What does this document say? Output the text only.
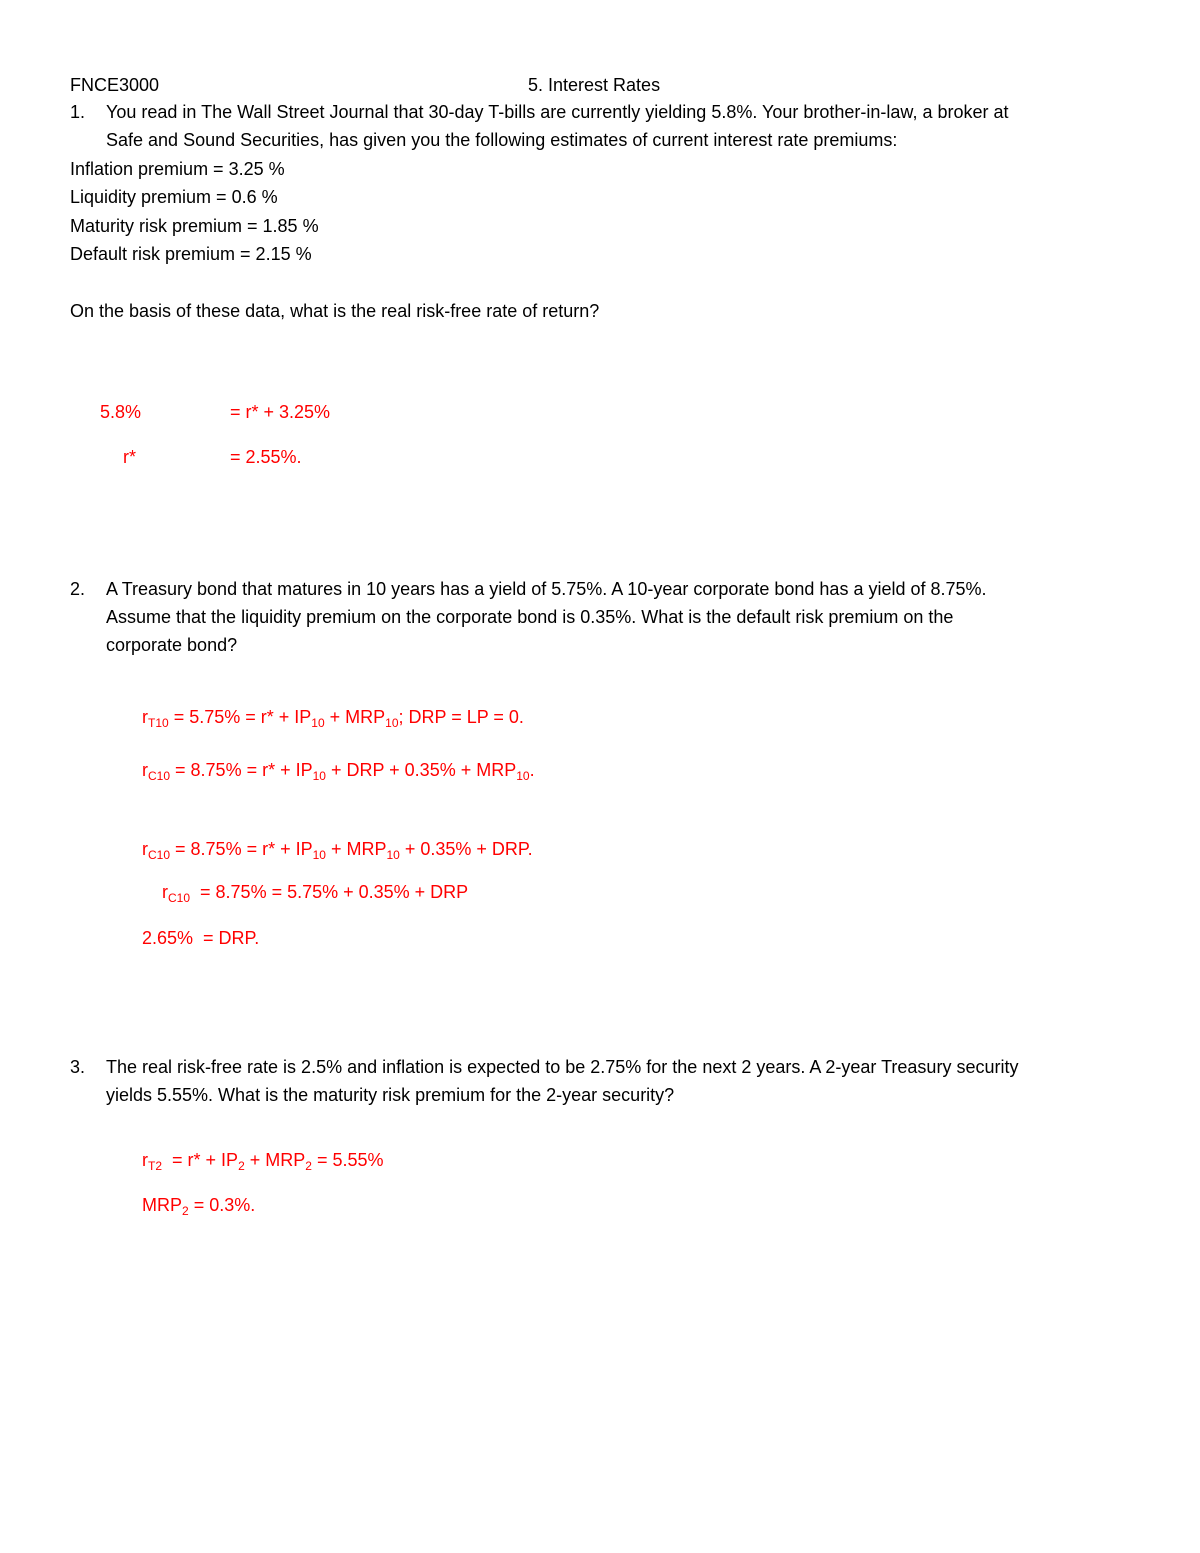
FNCE3000	5. Interest Rates
1. You read in The Wall Street Journal that 30-day T-bills are currently yielding 5.8%. Your brother-in-law, a broker at
Safe and Sound Securities, has given you the following estimates of current interest rate premiums:
Inflation premium = 3.25 %
Liquidity premium = 0.6 %
Maturity risk premium = 1.85 %
Default risk premium = 2.15 %
On the basis of these data, what is the real risk-free rate of return?
5.8%	= r* + 3.25%
r*	= 2.55%.
2. A Treasury bond that matures in 10 years has a yield of 5.75%. A 10-year corporate bond has a yield of 8.75%.
Assume that the liquidity premium on the corporate bond is 0.35%. What is the default risk premium on the
corporate bond?
$r_{T10} = 5.75\% = r* + IP_{10} + MRP_{10}$; DRP = LP = 0.
$r_{C10} = 8.75\% = r* + IP_{10}$ + DRP + $0.35\% + MRP_{10}$.
$r_{C10} = 8.75\% = r* + IP_{10} + MRP_{10} + 0.35\%$ + DRP.
$r_{C10} = 8.75\% = 5.75\% + 0.35\%$ + DRP
2.65%  = DRP.
3. The real risk-free rate is 2.5% and inflation is expected to be 2.75% for the next 2 years. A 2-year Treasury security
yields 5.55%. What is the maturity risk premium for the 2-year security?
$r_{T2} = r* + IP_2 + MRP_2 = 5.55\%$
$MRP_2 = 0.3\%$.
